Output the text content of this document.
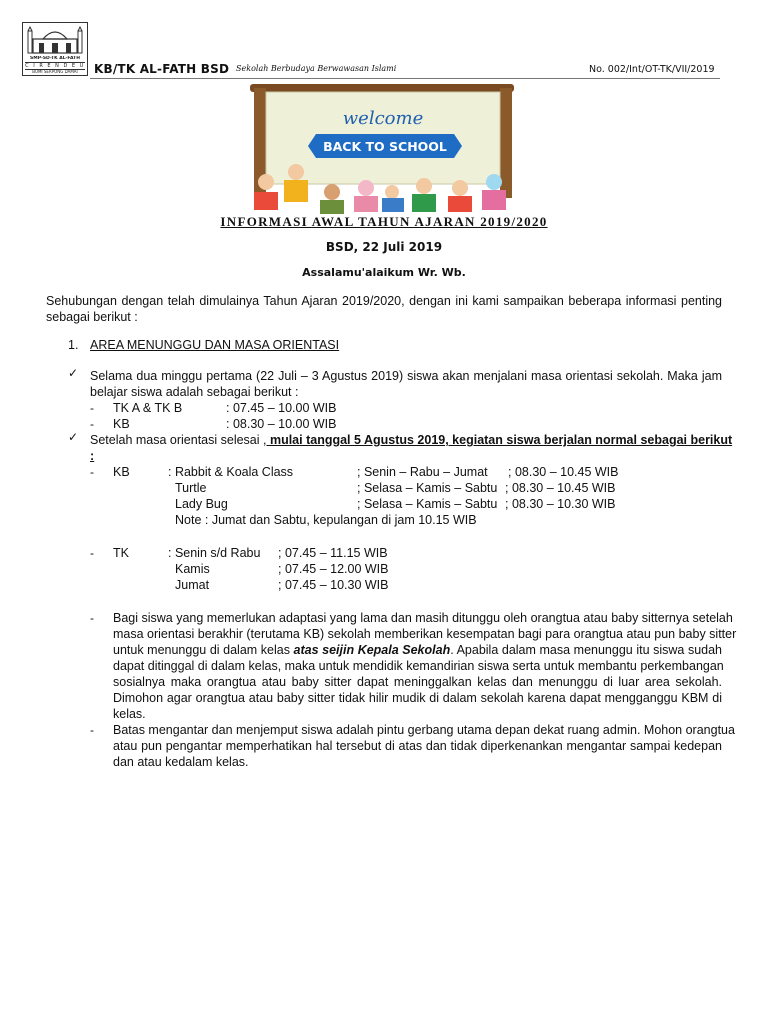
SMP-SD-TK AL-FATH
C I R E N D E U
BUMI SERPONG DAMAI	KB/TK AL-FATH BSD Sekolah Berbudaya Berwawasan Islami	No. 002/Int/OT-TK/VII/2019
welcome
BACK TO SCHOOL
INFORMASI AWAL TAHUN AJARAN 2019/2020
BSD, 22 Juli 2019
Assalamu'alaikum Wr. Wb.
Sehubungan dengan telah dimulainya Tahun Ajaran 2019/2020, dengan ini kami sampaikan beberapa informasi penting
sebagai berikut :
1. AREA MENUNGGU DAN MASA ORIENTASI
✓ Selama dua minggu pertama (22 Juli – 3 Agustus 2019) siswa akan menjalani masa orientasi sekolah. Maka jam
belajar siswa adalah sebagai berikut :
- TK A & TK B	: 07.45 – 10.00 WIB
- KB	: 08.30 – 10.00 WIB
✓ Setelah masa orientasi selesai , mulai tanggal 5 Agustus 2019, kegiatan siswa berjalan normal sebagai berikut
:
- KB	: Rabbit & Koala Class	; Senin – Rabu – Jumat ; 08.30 – 10.45 WIB
Turtle	; Selasa – Kamis – Sabtu ; 08.30 – 10.45 WIB
Lady Bug	; Selasa – Kamis – Sabtu ; 08.30 – 10.30 WIB
Note : Jumat dan Sabtu, kepulangan di jam 10.15 WIB
- TK	: Senin s/d Rabu ; 07.45 – 11.15 WIB
Kamis	; 07.45 – 12.00 WIB
Jumat	; 07.45 – 10.30 WIB
- Bagi siswa yang memerlukan adaptasi yang lama dan masih ditunggu oleh orangtua atau baby sitternya setelah
masa orientasi berakhir (terutama KB) sekolah memberikan kesempatan bagi para orangtua atau pun baby sitter
untuk menunggu di dalam kelas atas seijin Kepala Sekolah. Apabila dalam masa menunggu itu siswa sudah
dapat ditinggal di dalam kelas, maka untuk mendidik kemandirian siswa serta untuk membantu perkembangan
sosialnya maka orangtua atau baby sitter dapat meninggalkan kelas dan menunggu di luar area sekolah.
Dimohon agar orangtua atau baby sitter tidak hilir mudik di dalam sekolah karena dapat mengganggu KBM di
kelas.
- Batas mengantar dan menjemput siswa adalah pintu gerbang utama depan dekat ruang admin. Mohon orangtua
atau pun pengantar memperhatikan hal tersebut di atas dan tidak diperkenankan mengantar sampai kedepan
dan atau kedalam kelas.
